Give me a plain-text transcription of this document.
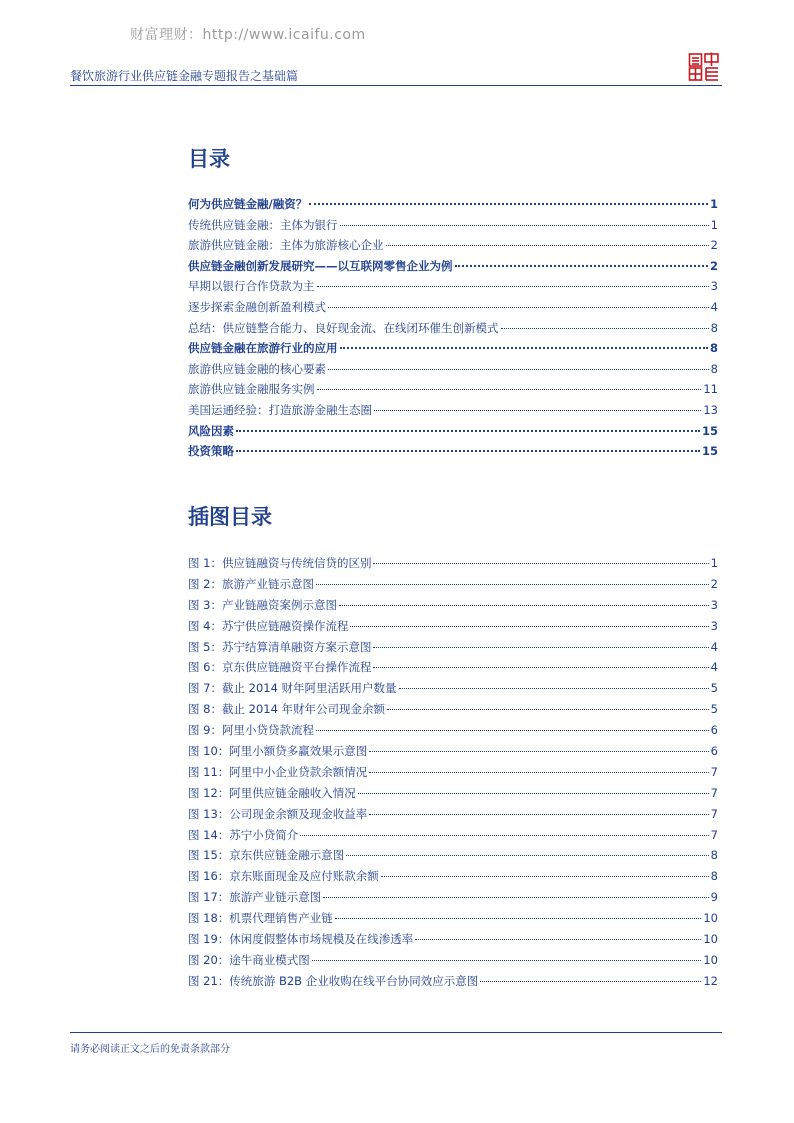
财富理财：http://www.icaifu.com
餐饮旅游行业供应链金融专题报告之基础篇
目录
何为供应链金融/融资？	1
传统供应链金融：主体为银行	1
旅游供应链金融：主体为旅游核心企业	2
供应链金融创新发展研究——以互联网零售企业为例	2
早期以银行合作贷款为主	3
逐步探索金融创新盈利模式	4
总结：供应链整合能力、良好现金流、在线闭环催生创新模式	8
供应链金融在旅游行业的应用	8
旅游供应链金融的核心要素	8
旅游供应链金融服务实例	11
美国运通经验：打造旅游金融生态圈	13
风险因素	15
投资策略	15
插图目录
图 1：供应链融资与传统信贷的区别	1
图 2：旅游产业链示意图	2
图 3：产业链融资案例示意图	3
图 4：苏宁供应链融资操作流程	3
图 5：苏宁结算清单融资方案示意图	4
图 6：京东供应链融资平台操作流程	4
图 7：截止 2014 财年阿里活跃用户数量	5
图 8：截止 2014 年财年公司现金余额	5
图 9：阿里小贷贷款流程	6
图 10：阿里小额贷多赢效果示意图	6
图 11：阿里中小企业贷款余额情况	7
图 12：阿里供应链金融收入情况	7
图 13：公司现金余额及现金收益率	7
图 14：苏宁小贷简介	7
图 15：京东供应链金融示意图	8
图 16：京东账面现金及应付账款余额	8
图 17：旅游产业链示意图	9
图 18：机票代理销售产业链	10
图 19：休闲度假整体市场规模及在线渗透率	10
图 20：途牛商业模式图	10
图 21：传统旅游 B2B 企业收购在线平台协同效应示意图	12
请务必阅读正文之后的免责条款部分
